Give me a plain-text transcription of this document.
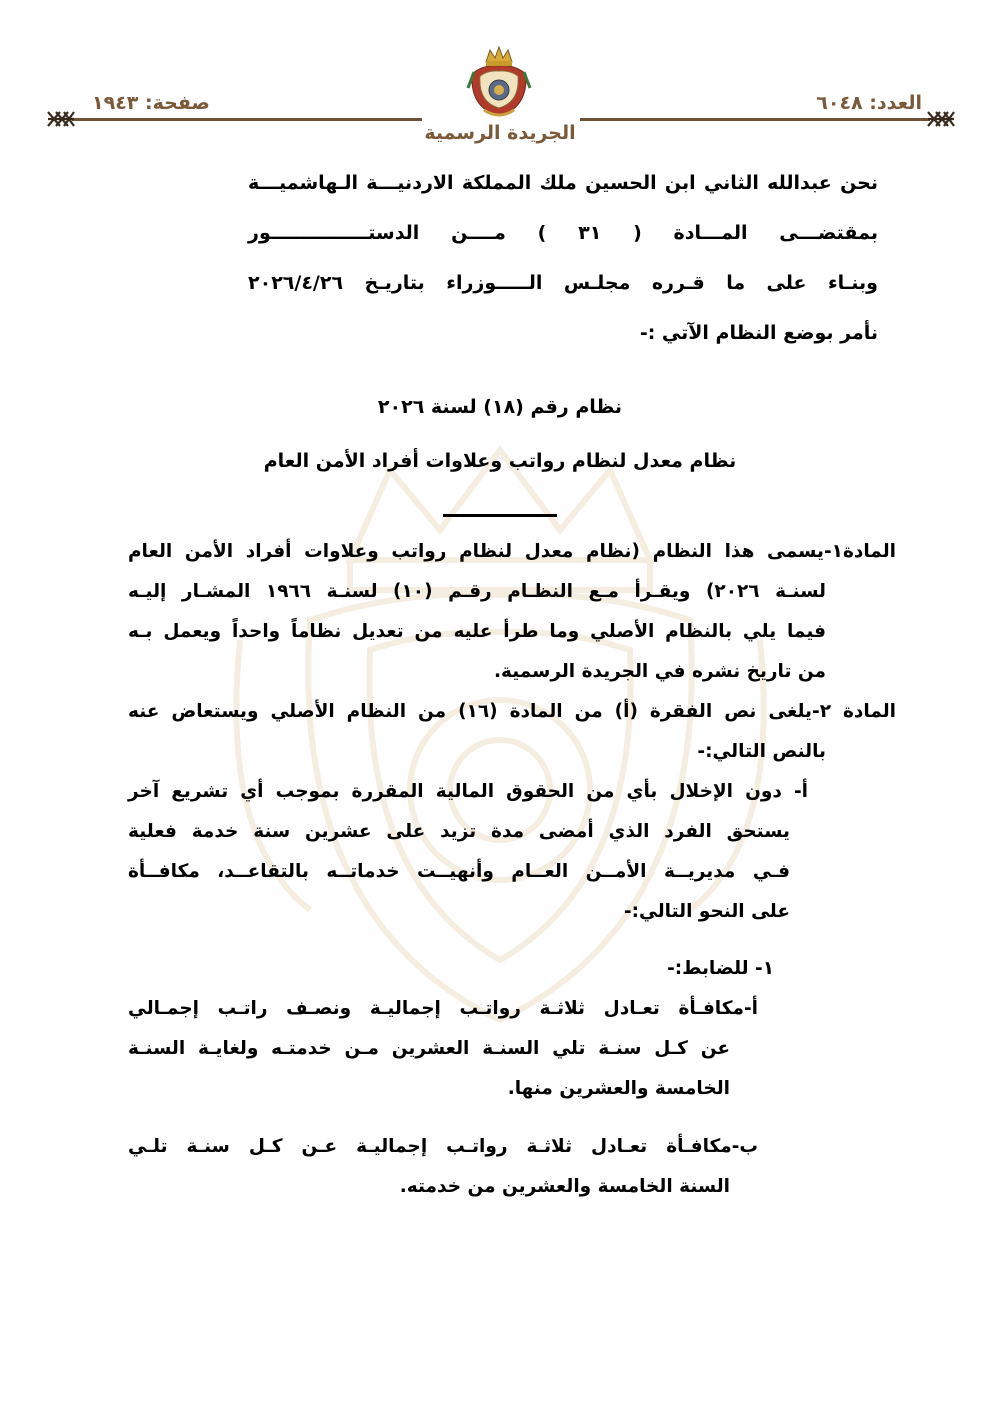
العدد: ٦٠٤٨
صفحة: ١٩٤٣
الجريدة الرسمية
نحن عبدالله الثاني ابن الحسين ملك المملكة الاردنيـــة الـهاشميـــة
بمقتضـــى المـــادة ( ٣١ ) مــــن الدستـــــــــــــــور
وبنـاء على ما قـرره مجلـس الـــــوزراء بتاريـخ ٢٠٢٦/٤/٢٦
نأمر بوضع النظام الآتي :-
نظام رقم (١٨) لسنة ٢٠٢٦
نظام معدل لنظام رواتب وعلاوات أفراد الأمن العام
المادة١-يسمى هذا النظام (نظام معدل لنظام رواتب وعلاوات أفراد الأمن العام
لسنـة ٢٠٢٦) ويقـرأ مـع النظـام رقـم (١٠) لسنـة ١٩٦٦ المشـار إليـه
فيما يلي بالنظام الأصلي وما طرأ عليه من تعديل نظاماً واحداً ويعمل بـه
من تاريخ نشره في الجريدة الرسمية.
المادة ٢-يلغى نص الفقرة (أ) من المادة (١٦) من النظام الأصلي ويستعاض عنه
بالنص التالي:-
أ- دون الإخلال بأي من الحقوق المالية المقررة بموجب أي تشريع آخر
يستحق الفرد الذي أمضى مدة تزيد على عشرين سنة خدمة فعلية
فـي مديريــة الأمــن العــام وأنهيــت خدماتــه بالتقاعــد، مكافــأة
على النحو التالي:-
١- للضابط:-
أ-مكافـأة تعـادل ثلاثـة رواتـب إجماليـة ونصـف راتـب إجمـالي
عن كـل سنـة تلي السنـة العشرين مـن خدمتـه ولغايـة السنـة
الخامسة والعشرين منها.
ب-مكافـأة تعـادل ثلاثـة رواتـب إجماليـة عـن كـل سنـة تلـي
السنة الخامسة والعشرين من خدمته.
